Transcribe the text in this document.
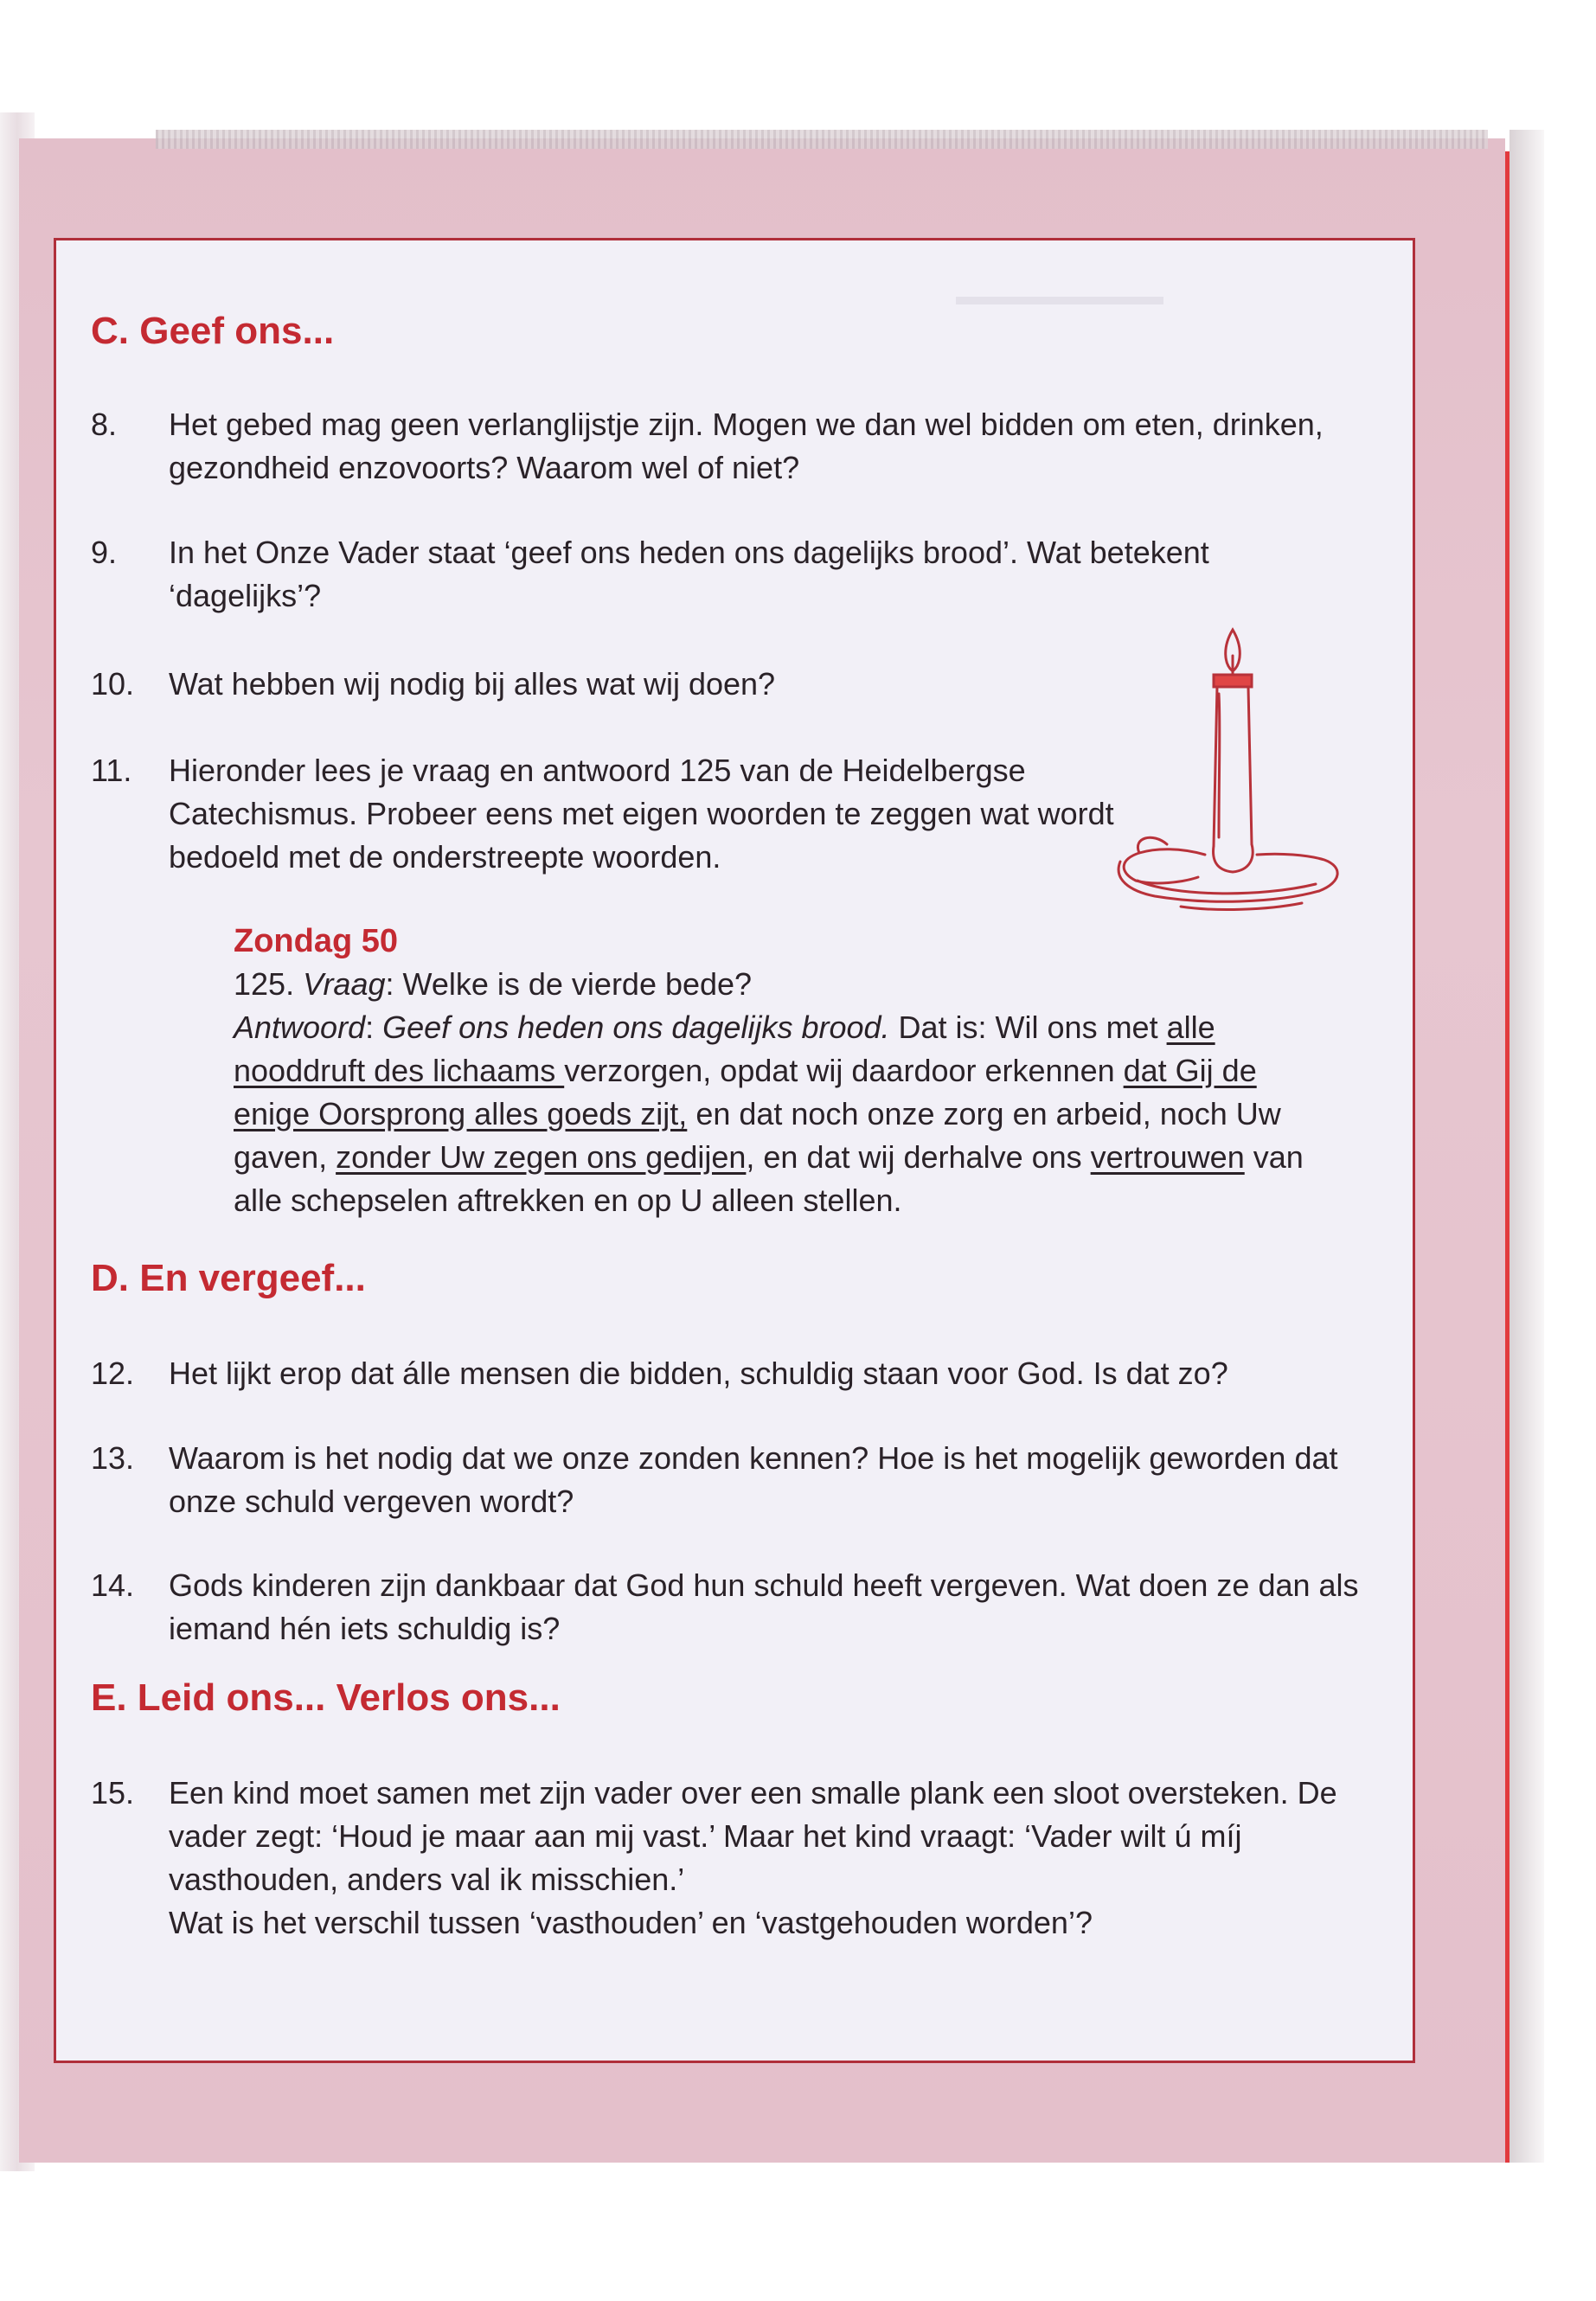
▬▬▬▬▬▬▬▬
C. Geef ons...
8.	Het gebed mag geen verlanglijstje zijn. Mogen we dan wel bidden om eten, drinken, gezondheid enzovoorts? Waarom wel of niet?
9.	In het Onze Vader staat ‘geef ons heden ons dagelijks brood’. Wat betekent ‘dagelijks’?
10.	Wat hebben wij nodig bij alles wat wij doen?
11.	Hieronder lees je vraag en antwoord 125 van de Heidelbergse Catechismus. Probeer eens met eigen woorden te zeggen wat wordt bedoeld met de onderstreepte woorden.
Zondag 50
125. Vraag: Welke is de vierde bede?
Antwoord: Geef ons heden ons dagelijks brood. Dat is: Wil ons met alle nooddruft des lichaams verzorgen, opdat wij daardoor erkennen dat Gij de enige Oorsprong alles goeds zijt, en dat noch onze zorg en arbeid, noch Uw gaven, zonder Uw zegen ons gedijen, en dat wij derhalve ons vertrouwen van alle schepselen aftrekken en op U alleen stellen.
D. En vergeef...
12.	Het lijkt erop dat álle mensen die bidden, schuldig staan voor God. Is dat zo?
13.	Waarom is het nodig dat we onze zonden kennen? Hoe is het mogelijk geworden dat onze schuld vergeven wordt?
14.	Gods kinderen zijn dankbaar dat God hun schuld heeft vergeven. Wat doen ze dan als iemand hén iets schuldig is?
E. Leid ons... Verlos ons...
15.	Een kind moet samen met zijn vader over een smalle plank een sloot oversteken. De vader zegt: ‘Houd je maar aan mij vast.’ Maar het kind vraagt: ‘Vader wilt ú míj vasthouden, anders val ik misschien.’
Wat is het verschil tussen ‘vasthouden’ en ‘vastgehouden worden’?
